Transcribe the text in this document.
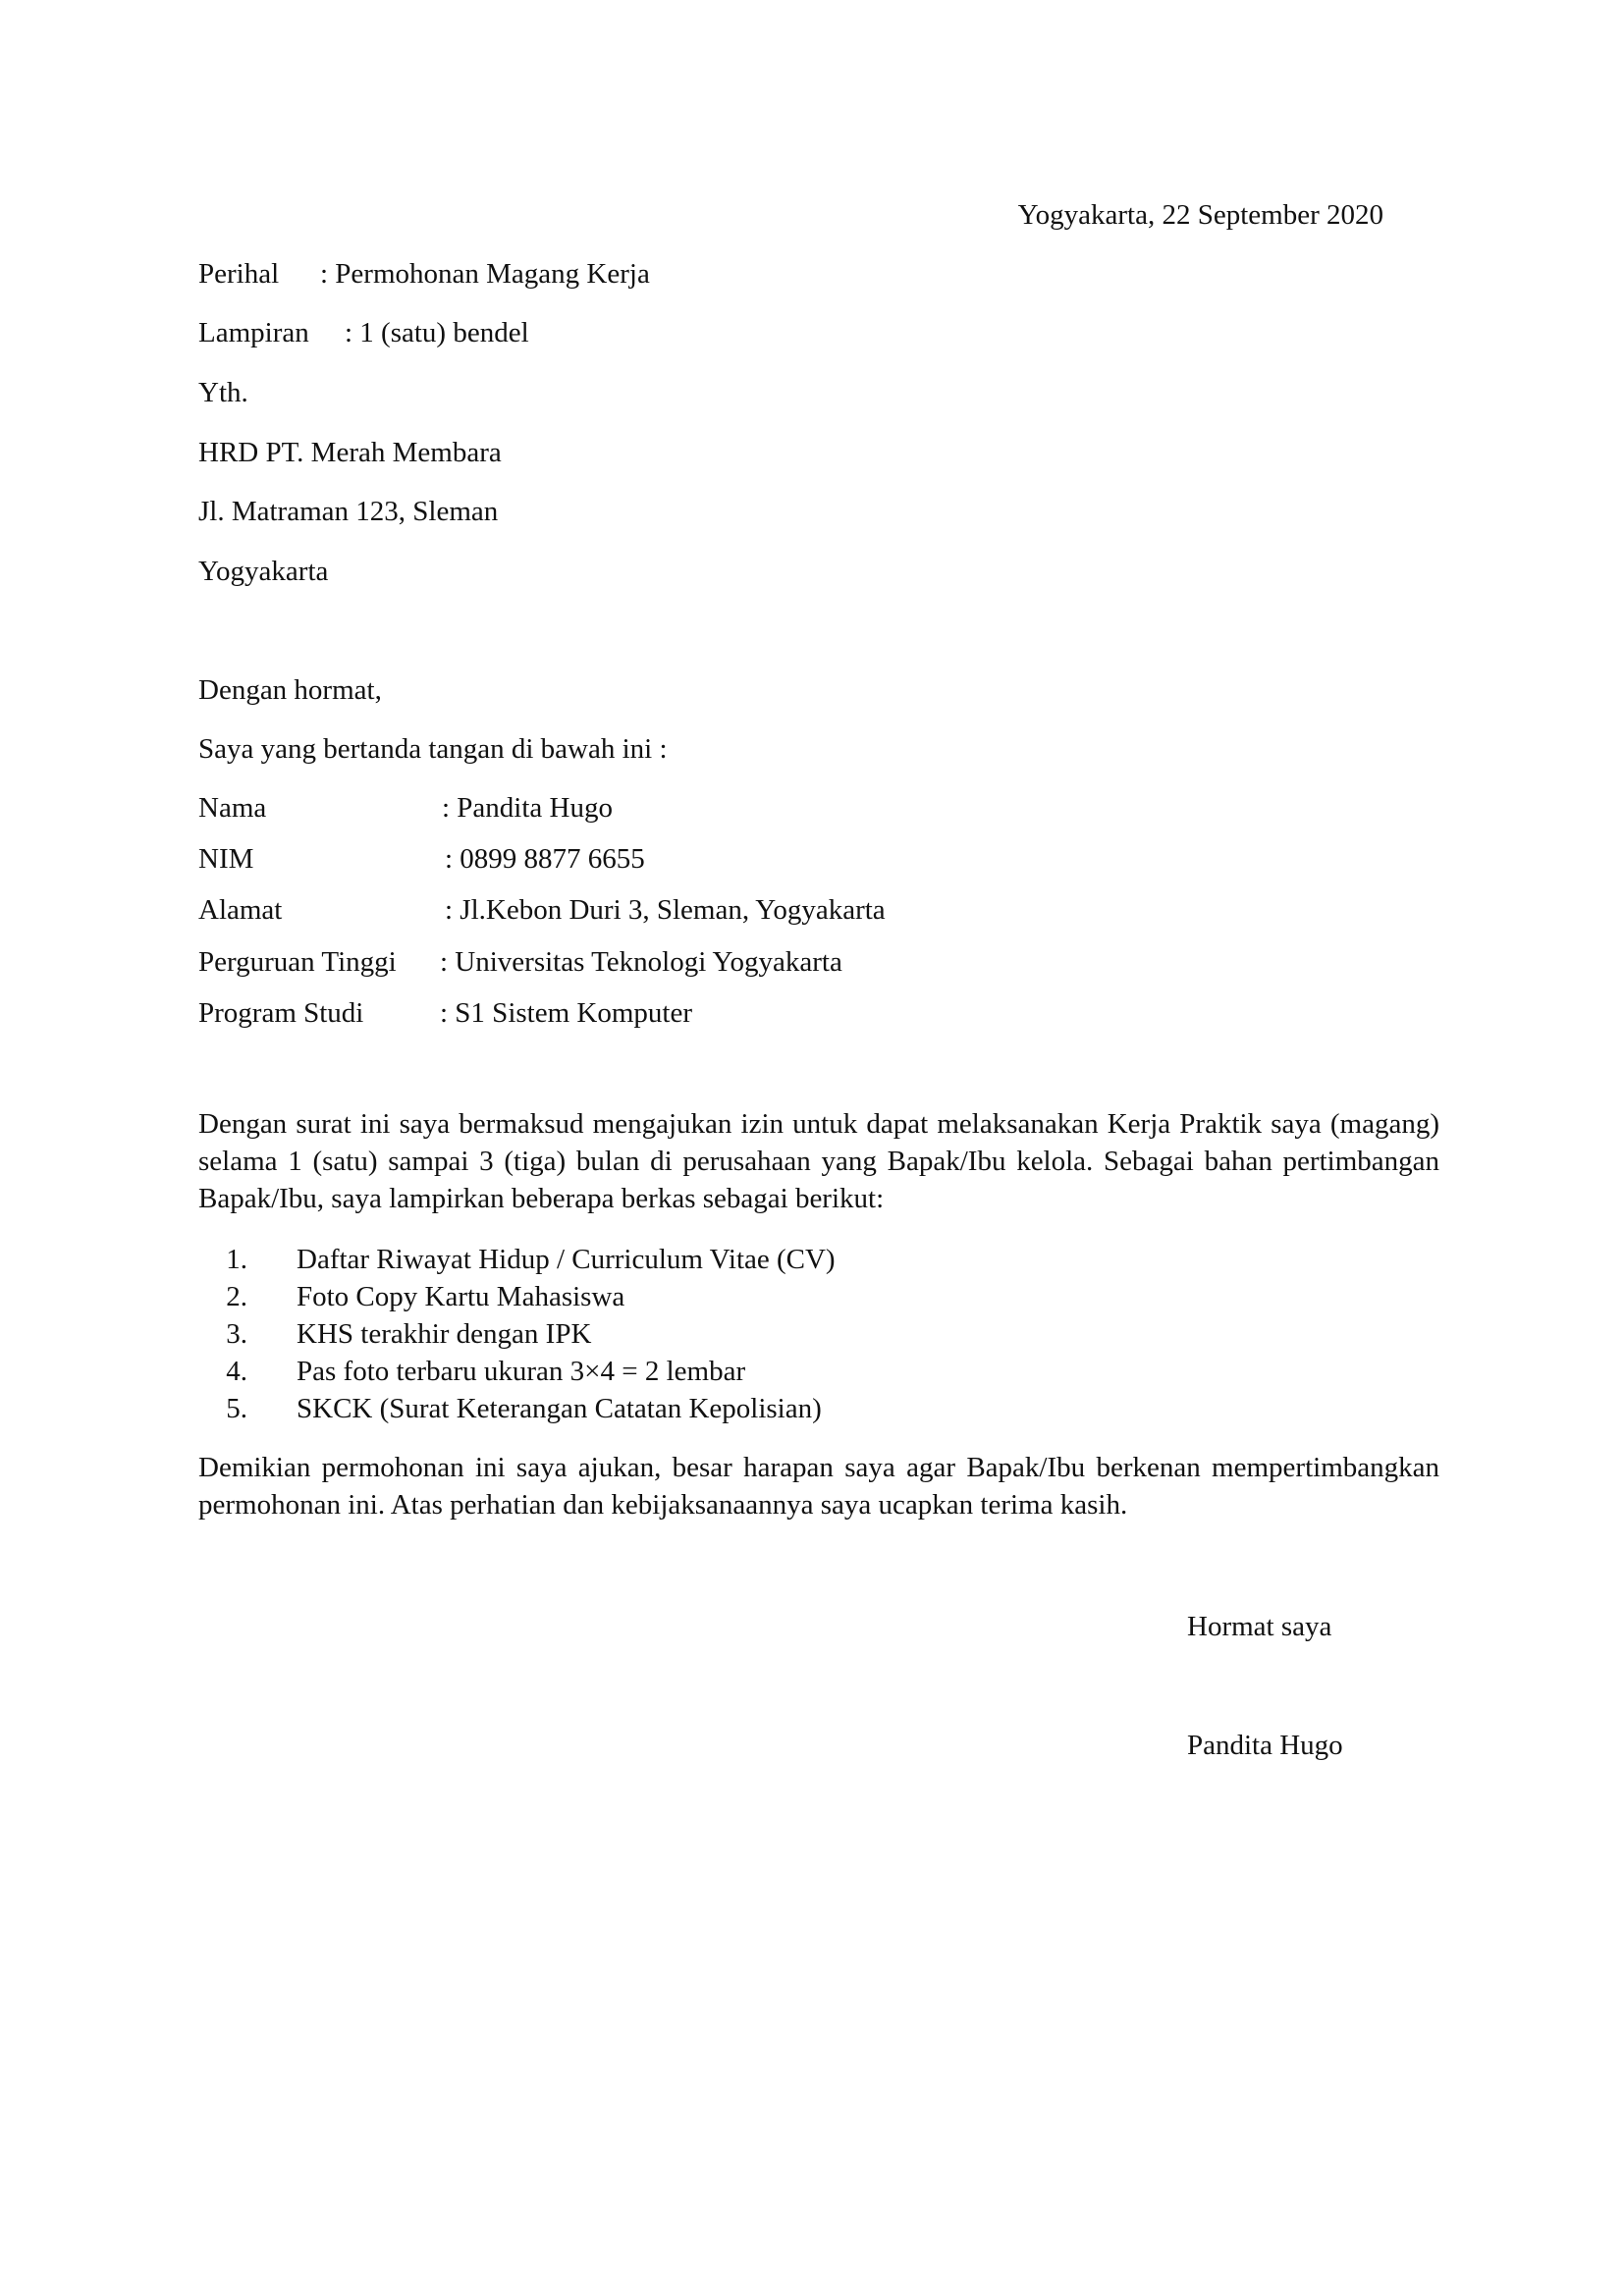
Yogyakarta, 22 September 2020
Perihal	: Permohonan Magang Kerja
Lampiran	: 1 (satu) bendel
Yth.
HRD PT. Merah Membara
Jl. Matraman 123, Sleman
Yogyakarta
Dengan hormat,
Saya yang bertanda tangan di bawah ini :
Nama	: Pandita Hugo
NIM	: 0899 8877 6655
Alamat	: Jl.Kebon Duri 3, Sleman, Yogyakarta
Perguruan Tinggi	: Universitas Teknologi Yogyakarta
Program Studi	: S1 Sistem Komputer
Dengan surat ini saya bermaksud mengajukan izin untuk dapat melaksanakan Kerja Praktik saya (magang) selama 1 (satu) sampai 3 (tiga) bulan di perusahaan yang Bapak/Ibu kelola. Sebagai bahan pertimbangan Bapak/Ibu, saya lampirkan beberapa berkas sebagai berikut:
1. Daftar Riwayat Hidup / Curriculum Vitae (CV)
2. Foto Copy Kartu Mahasiswa
3. KHS terakhir dengan IPK
4. Pas foto terbaru ukuran 3×4 = 2 lembar
5. SKCK (Surat Keterangan Catatan Kepolisian)
Demikian permohonan ini saya ajukan, besar harapan saya agar Bapak/Ibu berkenan mempertimbangkan permohonan ini. Atas perhatian dan kebijaksanaannya saya ucapkan terima kasih.
Hormat saya
Pandita Hugo
